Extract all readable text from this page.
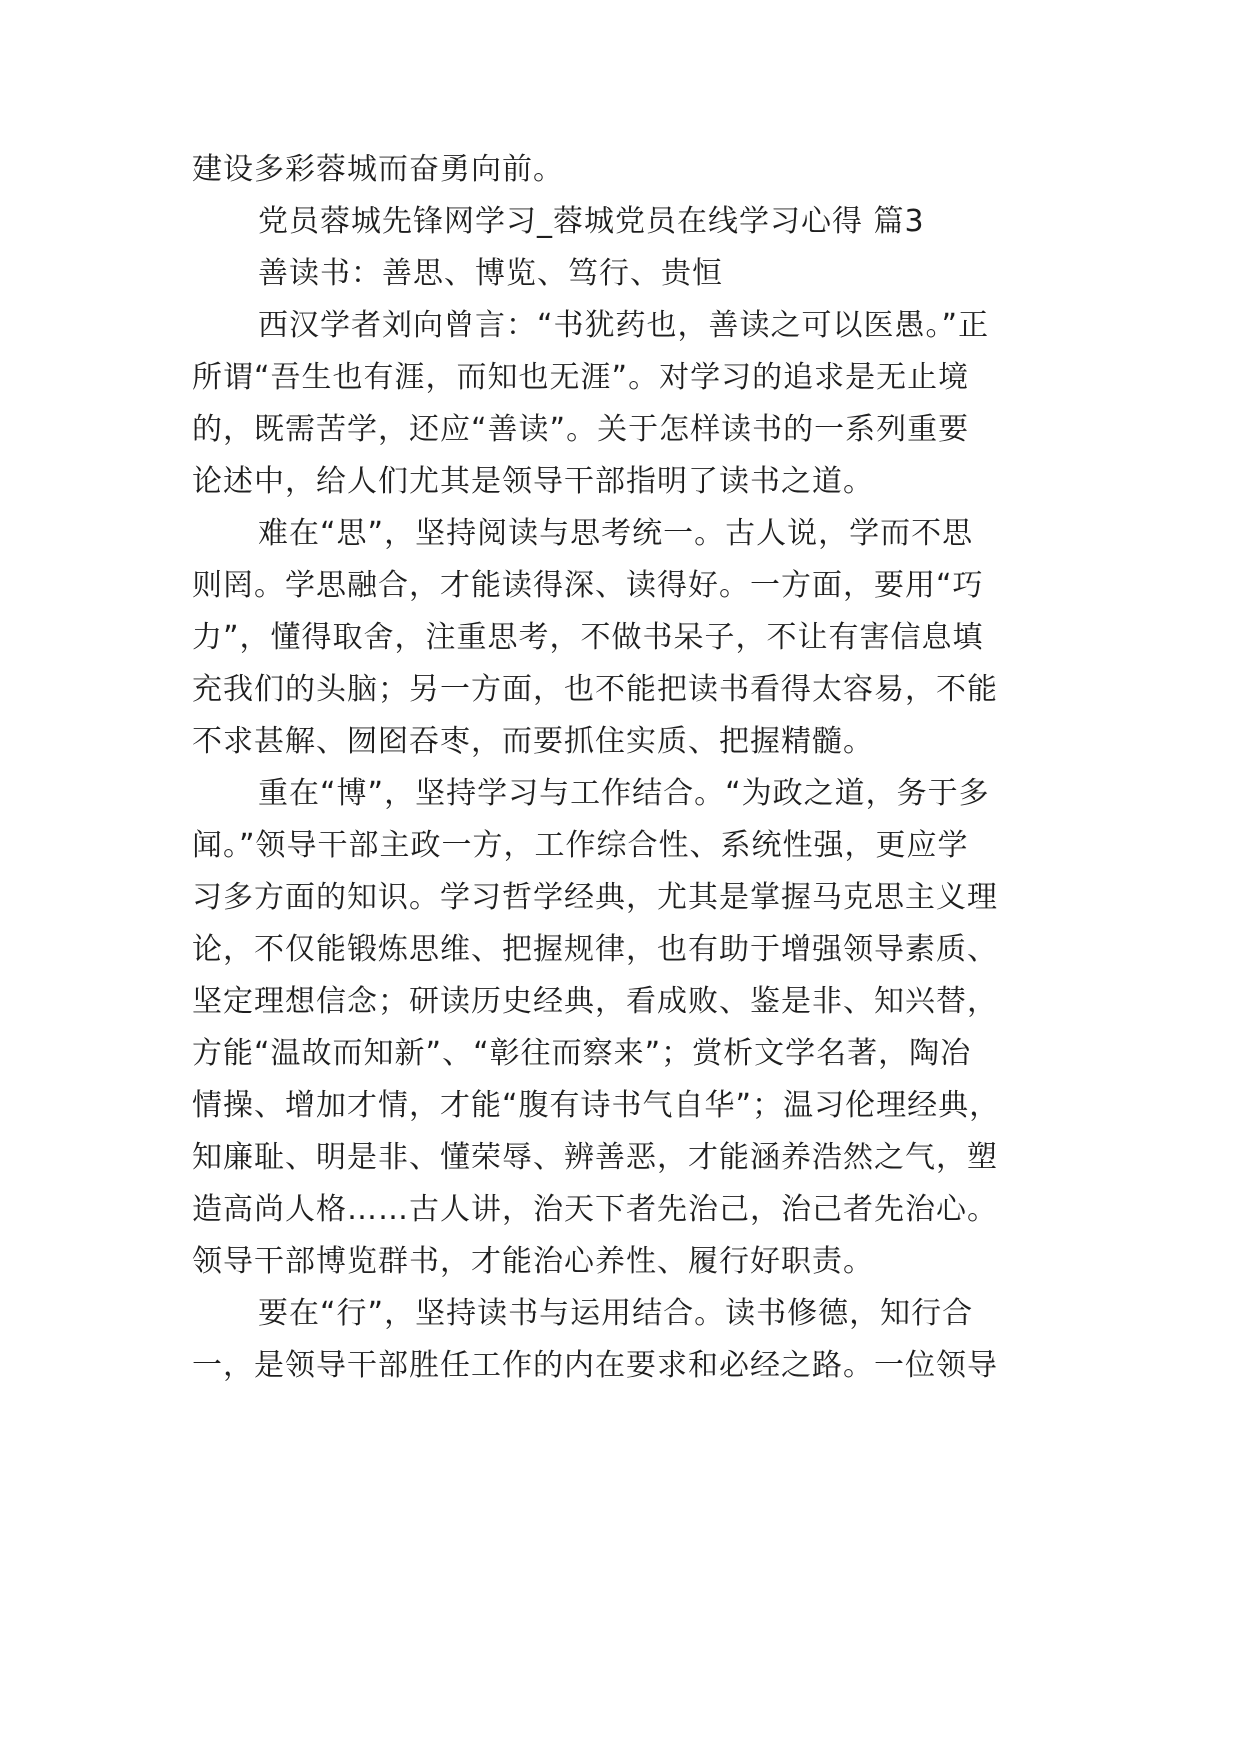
建设多彩蓉城而奋勇向前。
党员蓉城先锋网学习_蓉城党员在线学习心得 篇3
善读书：善思、博览、笃行、贵恒
西汉学者刘向曾言：“书犹药也，善读之可以医愚。”正
所谓“吾生也有涯，而知也无涯”。对学习的追求是无止境
的，既需苦学，还应“善读”。关于怎样读书的一系列重要
论述中，给人们尤其是领导干部指明了读书之道。
难在“思”，坚持阅读与思考统一。古人说，学而不思
则罔。学思融合，才能读得深、读得好。一方面，要用“巧
力”，懂得取舍，注重思考，不做书呆子，不让有害信息填
充我们的头脑；另一方面，也不能把读书看得太容易，不能
不求甚解、囫囵吞枣，而要抓住实质、把握精髓。
重在“博”，坚持学习与工作结合。“为政之道，务于多
闻。”领导干部主政一方，工作综合性、系统性强，更应学
习多方面的知识。学习哲学经典，尤其是掌握马克思主义理
论，不仅能锻炼思维、把握规律，也有助于增强领导素质、
坚定理想信念；研读历史经典，看成败、鉴是非、知兴替，
方能“温故而知新”、“彰往而察来”；赏析文学名著，陶冶
情操、增加才情，才能“腹有诗书气自华”；温习伦理经典，
知廉耻、明是非、懂荣辱、辨善恶，才能涵养浩然之气，塑
造高尚人格……古人讲，治天下者先治己，治己者先治心。
领导干部博览群书，才能治心养性、履行好职责。
要在“行”，坚持读书与运用结合。读书修德，知行合
一，是领导干部胜任工作的内在要求和必经之路。一位领导
